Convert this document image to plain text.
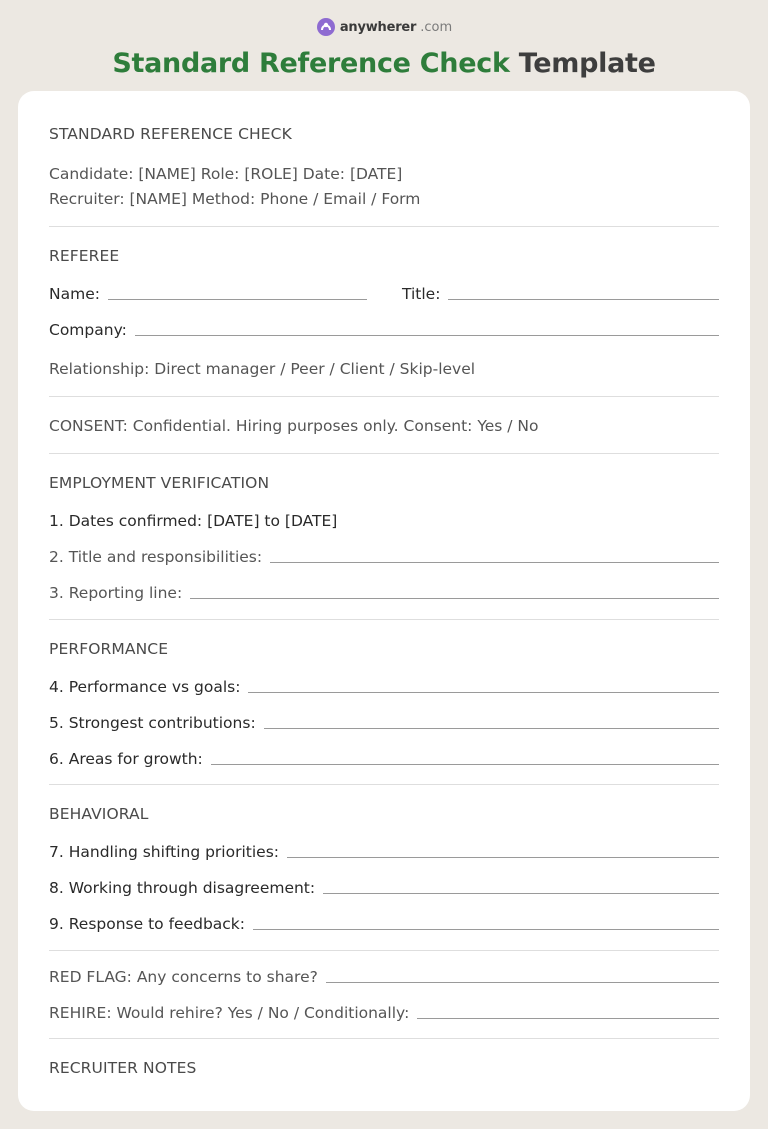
anywherer .com
Standard Reference Check Template
STANDARD REFERENCE CHECK
Candidate: [NAME] Role: [ROLE] Date: [DATE]
Recruiter: [NAME] Method: Phone / Email / Form
REFEREE
Name:	Title:
Company:
Relationship: Direct manager / Peer / Client / Skip-level
CONSENT: Confidential. Hiring purposes only. Consent: Yes / No
EMPLOYMENT VERIFICATION
1. Dates confirmed: [DATE] to [DATE]
2. Title and responsibilities:
3. Reporting line:
PERFORMANCE
4. Performance vs goals:
5. Strongest contributions:
6. Areas for growth:
BEHAVIORAL
7. Handling shifting priorities:
8. Working through disagreement:
9. Response to feedback:
RED FLAG: Any concerns to share?
REHIRE: Would rehire? Yes / No / Conditionally:
RECRUITER NOTES
